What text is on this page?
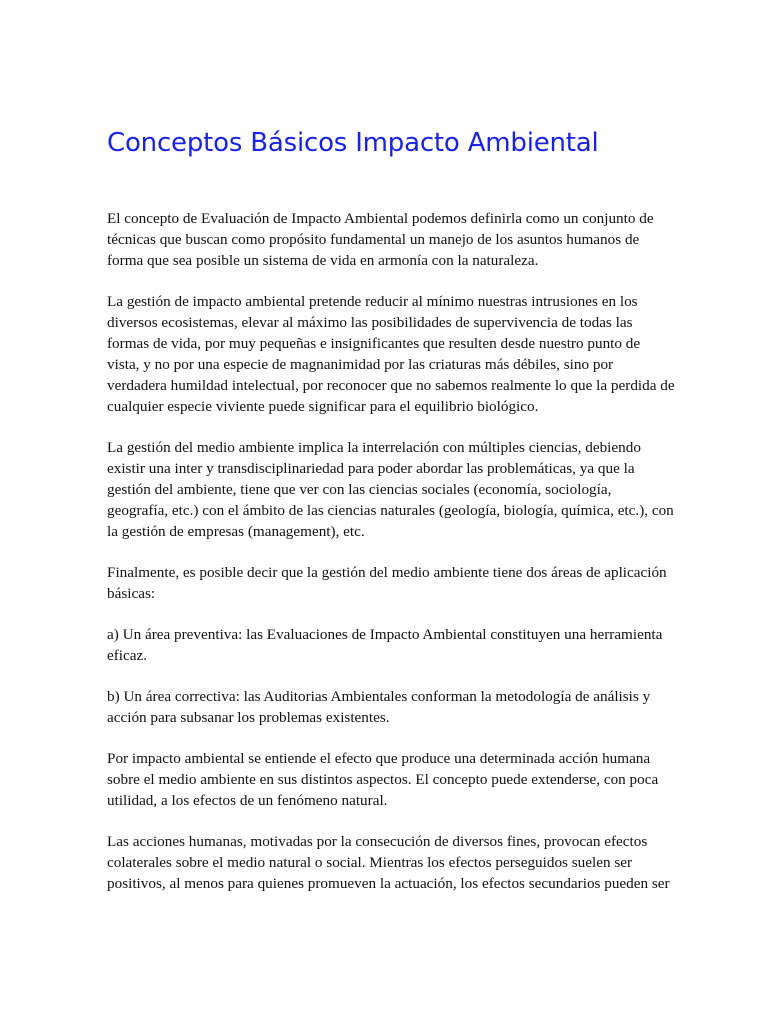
Conceptos Básicos Impacto Ambiental

El concepto de Evaluación de Impacto Ambiental podemos definirla como un conjunto de técnicas que buscan como propósito fundamental un manejo de los asuntos humanos de forma que sea posible un sistema de vida en armonía con la naturaleza.

La gestión de impacto ambiental pretende reducir al mínimo nuestras intrusiones en los diversos ecosistemas, elevar al máximo las posibilidades de supervivencia de todas las formas de vida, por muy pequeñas e insignificantes que resulten desde nuestro punto de vista, y no por una especie de magnanimidad por las criaturas más débiles, sino por verdadera humildad intelectual, por reconocer que no sabemos realmente lo que la perdida de cualquier especie viviente puede significar para el equilibrio biológico.

La gestión del medio ambiente implica la interrelación con múltiples ciencias, debiendo existir una inter y transdisciplinariedad para poder abordar las problemáticas, ya que la gestión del ambiente, tiene que ver con las ciencias sociales (economía, sociología, geografía, etc.) con el ámbito de las ciencias naturales (geología, biología, química, etc.), con la gestión de empresas (management), etc.

Finalmente, es posible decir que la gestión del medio ambiente tiene dos áreas de aplicación básicas:

a) Un área preventiva: las Evaluaciones de Impacto Ambiental constituyen una herramienta eficaz.

b) Un área correctiva: las Auditorias Ambientales conforman la metodología de análisis y acción para subsanar los problemas existentes.

Por impacto ambiental se entiende el efecto que produce una determinada acción humana sobre el medio ambiente en sus distintos aspectos. El concepto puede extenderse, con poca utilidad, a los efectos de un fenómeno natural.

Las acciones humanas, motivadas por la consecución de diversos fines, provocan efectos colaterales sobre el medio natural o social. Mientras los efectos perseguidos suelen ser positivos, al menos para quienes promueven la actuación, los efectos secundarios pueden ser
